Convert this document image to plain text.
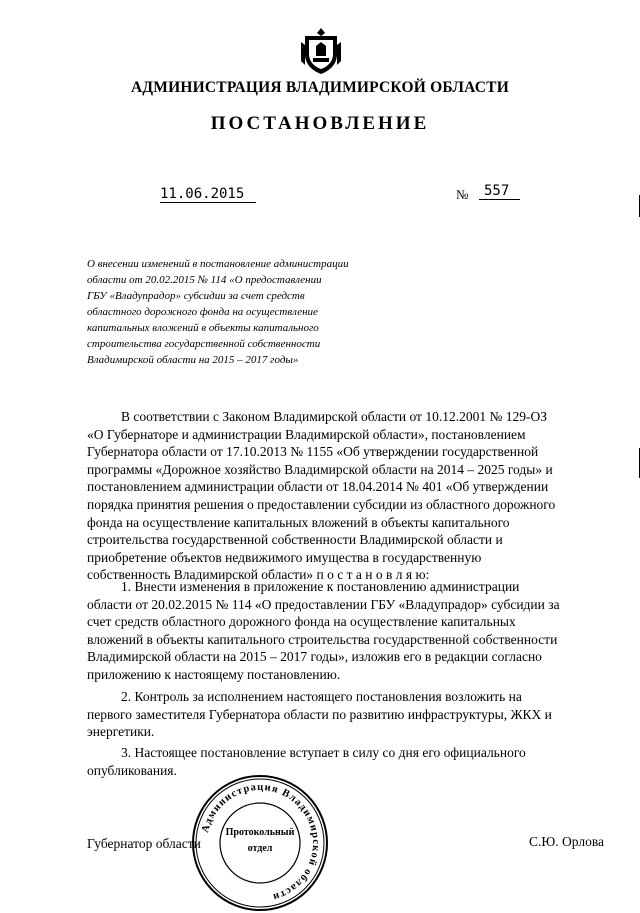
АДМИНИСТРАЦИЯ ВЛАДИМИРСКОЙ ОБЛАСТИ
ПОСТАНОВЛЕНИЕ
11.06.2015	№	557
О внесении изменений в постановление администрации
области от 20.02.2015 № 114 «О предоставлении
ГБУ «Владупрадор» субсидии за счет средств
областного дорожного фонда на осуществление
капитальных вложений в объекты капитального
строительства государственной собственности
Владимирской области на 2015 – 2017 годы»
В соответствии с Законом Владимирской области от 10.12.2001 № 129-ОЗ
«О Губернаторе и администрации Владимирской области», постановлением
Губернатора области от 17.10.2013 № 1155 «Об утверждении государственной
программы «Дорожное хозяйство Владимирской области на 2014 – 2025 годы» и
постановлением администрации области от 18.04.2014 № 401 «Об утверждении
порядка принятия решения о предоставлении субсидии из областного дорожного
фонда на осуществление капитальных вложений в объекты капитального
строительства государственной собственности Владимирской области и
приобретение объектов недвижимого имущества в государственную
собственность Владимирской области» п о с т а н о в л я ю:
1. Внести изменения в приложение к постановлению администрации
области от 20.02.2015 № 114 «О предоставлении ГБУ «Владупрадор» субсидии за
счет средств областного дорожного фонда на осуществление капитальных
вложений в объекты капитального строительства государственной собственности
Владимирской области на 2015 – 2017 годы», изложив его в редакции согласно
приложению к настоящему постановлению.
2. Контроль за исполнением настоящего постановления возложить на
первого заместителя Губернатора области по развитию инфраструктуры, ЖКХ и
энергетики.
3. Настоящее постановление вступает в силу со дня его официального
опубликования.
Губернатор области	С.Ю. Орлова
Администрация Владимирской области
Протокольный
отдел
